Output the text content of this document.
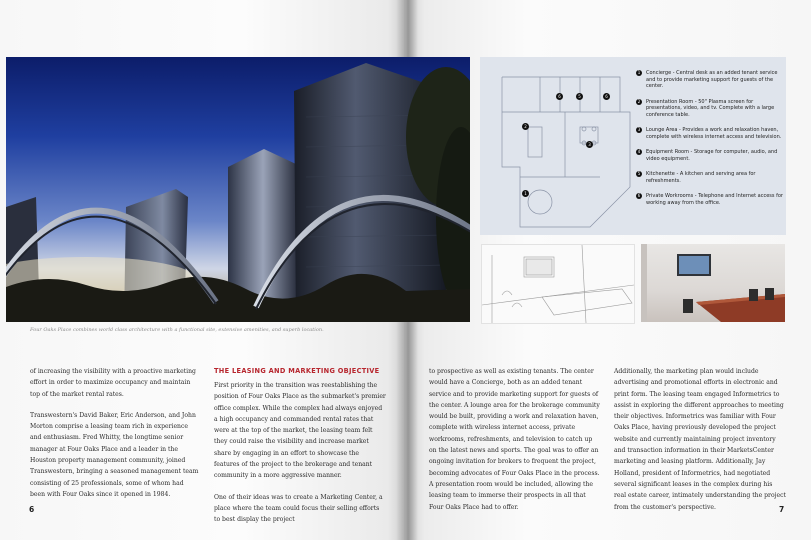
Four Oaks Place combines world class architecture with a functional site, extensive amenities, and superb location.
6	5	6
2
3
1
1	Concierge - Central desk as an added tenant service and to provide marketing support for guests of the center.
2	Presentation Room - 50" Plasma screen for presentations, video, and tv. Complete with a large conference table.
3	Lounge Area - Provides a work and relaxation haven, complete with wireless internet access and television.
4	Equipment Room - Storage for computer, audio, and video equipment.
5	Kitchenette - A kitchen and serving area for refreshments.
6	Private Workrooms - Telephone and Internet access for working away from the office.

of increasing the visibility with a proactive marketing effort in order to maximize occupancy and maintain top of the market rental rates.

Transwestern's David Baker, Eric Anderson, and John Morton comprise a leasing team rich in experience and enthusiasm. Fred Whitty, the longtime senior manager at Four Oaks Place and a leader in the Houston property management community, joined Transwestern, bringing a seasoned management team consisting of 25 professionals, some of whom had been with Four Oaks since it opened in 1984.

THE LEASING AND MARKETING OBJECTIVE

First priority in the transition was reestablishing the position of Four Oaks Place as the submarket's premier office complex. While the complex had always enjoyed a high occupancy and commanded rental rates that were at the top of the market, the leasing team felt they could raise the visibility and increase market share by engaging in an effort to showcase the features of the project to the brokerage and tenant community in a more aggressive manner.

One of their ideas was to create a Marketing Center, a place where the team could focus their selling efforts to best display the project

to prospective as well as existing tenants. The center would have a Concierge, both as an added tenant service and to provide marketing support for guests of the center. A lounge area for the brokerage community would be built, providing a work and relaxation haven, complete with wireless internet access, private workrooms, refreshments, and television to catch up on the latest news and sports. The goal was to offer an ongoing invitation for brokers to frequent the project, becoming advocates of Four Oaks Place in the process. A presentation room would be included, allowing the leasing team to immerse their prospects in all that Four Oaks Place had to offer.

Additionally, the marketing plan would include advertising and promotional efforts in electronic and print form. The leasing team engaged Informetrics to assist in exploring the different approaches to meeting their objectives. Informetrics was familiar with Four Oaks Place, having previously developed the project website and currently maintaining project inventory and transaction information in their MarketsCenter marketing and leasing platform. Additionally, Jay Holland, president of Informetrics, had negotiated several significant leases in the complex during his real estate career, intimately understanding the project from the customer's perspective.

6	7
